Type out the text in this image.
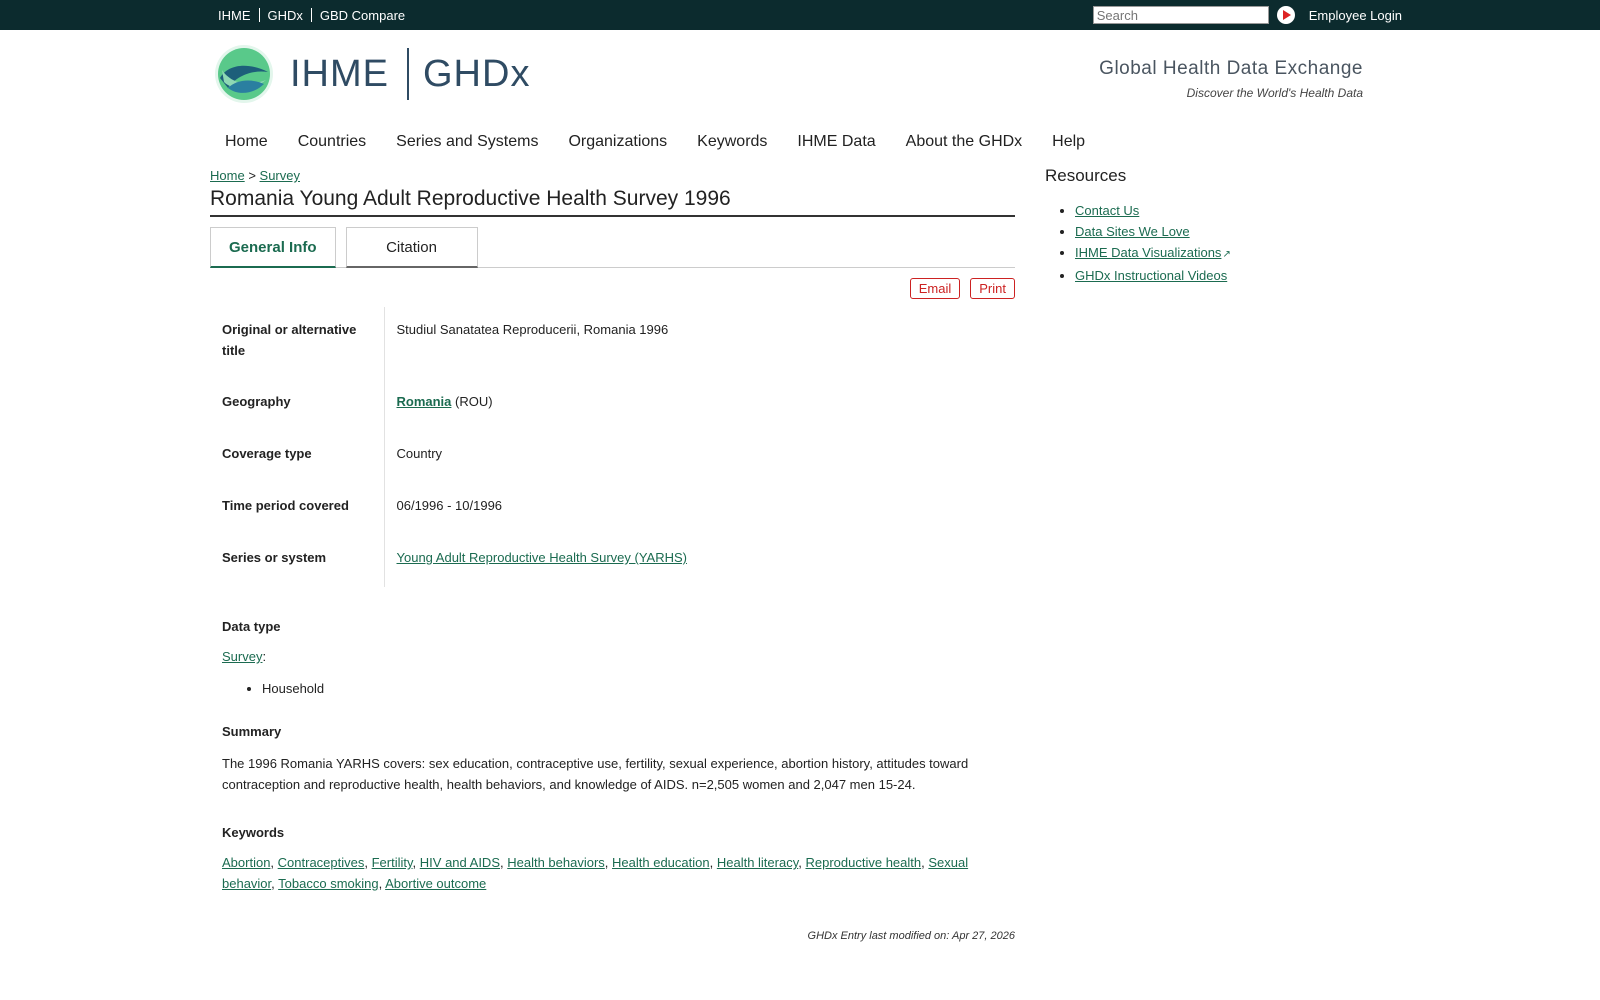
IHME	GHDx	GBD Compare
Search	Employee Login
IHME GHDx	Global Health Data Exchange
Discover the World's Health Data
Home	Countries	Series and Systems	Organizations	Keywords	IHME Data	About the GHDx	Help
Home > Survey
Romania Young Adult Reproductive Health Survey 1996
General Info	Citation
Email	Print
Original or alternative title	Studiul Sanatatea Reproducerii, Romania 1996
Geography	Romania (ROU)
Coverage type	Country
Time period covered	06/1996 - 10/1996
Series or system	Young Adult Reproductive Health Survey (YARHS)
Data type
Survey:
• Household
Summary
The 1996 Romania YARHS covers: sex education, contraceptive use, fertility, sexual experience, abortion history, attitudes toward contraception and reproductive health, health behaviors, and knowledge of AIDS. n=2,505 women and 2,047 men 15-24.
Keywords
Abortion, Contraceptives, Fertility, HIV and AIDS, Health behaviors, Health education, Health literacy, Reproductive health, Sexual behavior, Tobacco smoking, Abortive outcome
GHDx Entry last modified on: Apr 27, 2026
Resources
• Contact Us
• Data Sites We Love
• IHME Data Visualizations↗
• GHDx Instructional Videos
